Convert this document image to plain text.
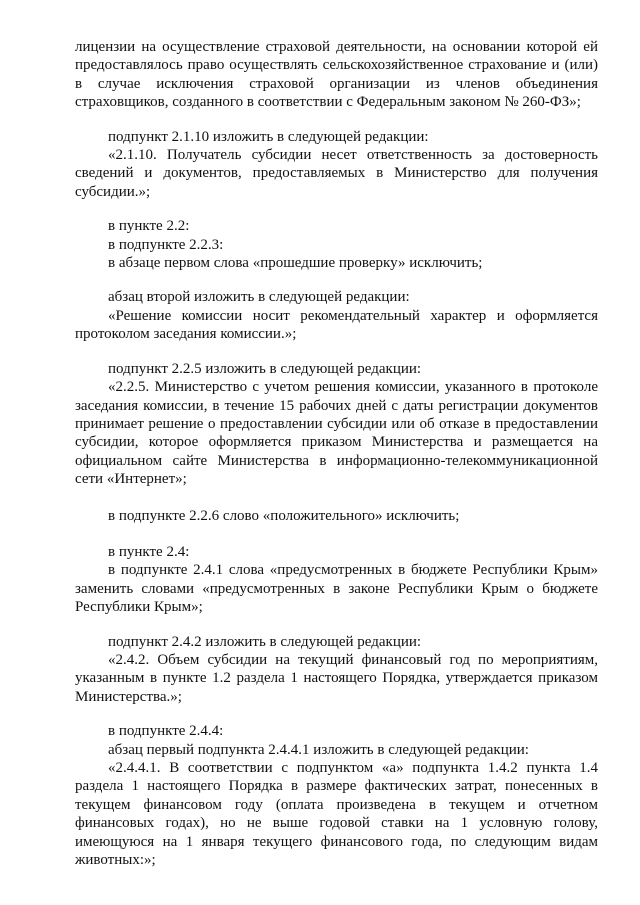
лицензии на осуществление страховой деятельности, на основании которой ей предоставлялось право осуществлять сельскохозяйственное страхование и (или) в случае исключения страховой организации из членов объединения страховщиков, созданного в соответствии с Федеральным законом № 260-ФЗ»;

подпункт 2.1.10 изложить в следующей редакции:

«2.1.10. Получатель субсидии несет ответственность за достоверность сведений и документов, предоставляемых в Министерство для получения субсидии.»;

в пункте 2.2:

в подпункте 2.2.3:

в абзаце первом слова «прошедшие проверку» исключить;

абзац второй изложить в следующей редакции:

«Решение комиссии носит рекомендательный характер и оформляется протоколом заседания комиссии.»;

подпункт 2.2.5 изложить в следующей редакции:

«2.2.5. Министерство с учетом решения комиссии, указанного в протоколе заседания комиссии, в течение 15 рабочих дней с даты регистрации документов принимает решение о предоставлении субсидии или об отказе в предоставлении субсидии, которое оформляется приказом Министерства и размещается на официальном сайте Министерства в информационно-телекоммуникационной сети «Интернет»;

в подпункте 2.2.6 слово «положительного» исключить;

в пункте 2.4:

в подпункте 2.4.1 слова «предусмотренных в бюджете Республики Крым» заменить словами «предусмотренных в законе Республики Крым о бюджете Республики Крым»;

подпункт 2.4.2 изложить в следующей редакции:

«2.4.2. Объем субсидии на текущий финансовый год по мероприятиям, указанным в пункте 1.2 раздела 1 настоящего Порядка, утверждается приказом Министерства.»;

в подпункте 2.4.4:

абзац первый подпункта 2.4.4.1 изложить в следующей редакции:

«2.4.4.1. В соответствии с подпунктом «а» подпункта 1.4.2 пункта 1.4 раздела 1 настоящего Порядка в размере фактических затрат, понесенных в текущем финансовом году (оплата произведена в текущем и отчетном финансовых годах), но не выше годовой ставки на 1 условную голову, имеющуюся на 1 января текущего финансового года, по следующим видам животных:»;
